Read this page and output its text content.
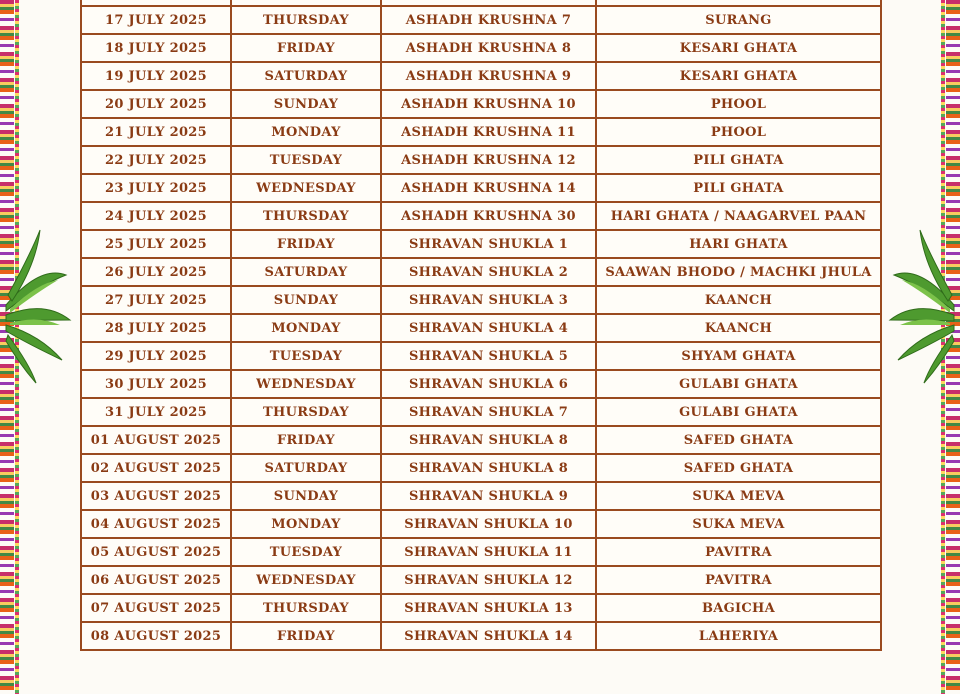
17 JULY 2025	THURSDAY	ASHADH KRUSHNA 7	SURANG
18 JULY 2025	FRIDAY	ASHADH KRUSHNA 8	KESARI GHATA
19 JULY 2025	SATURDAY	ASHADH KRUSHNA 9	KESARI GHATA
20 JULY 2025	SUNDAY	ASHADH KRUSHNA 10	PHOOL
21 JULY 2025	MONDAY	ASHADH KRUSHNA 11	PHOOL
22 JULY 2025	TUESDAY	ASHADH KRUSHNA 12	PILI GHATA
23 JULY 2025	WEDNESDAY	ASHADH KRUSHNA 14	PILI GHATA
24 JULY 2025	THURSDAY	ASHADH KRUSHNA 30	HARI GHATA / NAAGARVEL PAAN
25 JULY 2025	FRIDAY	SHRAVAN SHUKLA 1	HARI GHATA
26 JULY 2025	SATURDAY	SHRAVAN SHUKLA 2	SAAWAN BHODO / MACHKI JHULA
27 JULY 2025	SUNDAY	SHRAVAN SHUKLA 3	KAANCH
28 JULY 2025	MONDAY	SHRAVAN SHUKLA 4	KAANCH
29 JULY 2025	TUESDAY	SHRAVAN SHUKLA 5	SHYAM GHATA
30 JULY 2025	WEDNESDAY	SHRAVAN SHUKLA 6	GULABI GHATA
31 JULY 2025	THURSDAY	SHRAVAN SHUKLA 7	GULABI GHATA
01 AUGUST 2025	FRIDAY	SHRAVAN SHUKLA 8	SAFED GHATA
02 AUGUST 2025	SATURDAY	SHRAVAN SHUKLA 8	SAFED GHATA
03 AUGUST 2025	SUNDAY	SHRAVAN SHUKLA 9	SUKA MEVA
04 AUGUST 2025	MONDAY	SHRAVAN SHUKLA 10	SUKA MEVA
05 AUGUST 2025	TUESDAY	SHRAVAN SHUKLA 11	PAVITRA
06 AUGUST 2025	WEDNESDAY	SHRAVAN SHUKLA 12	PAVITRA
07 AUGUST 2025	THURSDAY	SHRAVAN SHUKLA 13	BAGICHA
08 AUGUST 2025	FRIDAY	SHRAVAN SHUKLA 14	LAHERIYA
